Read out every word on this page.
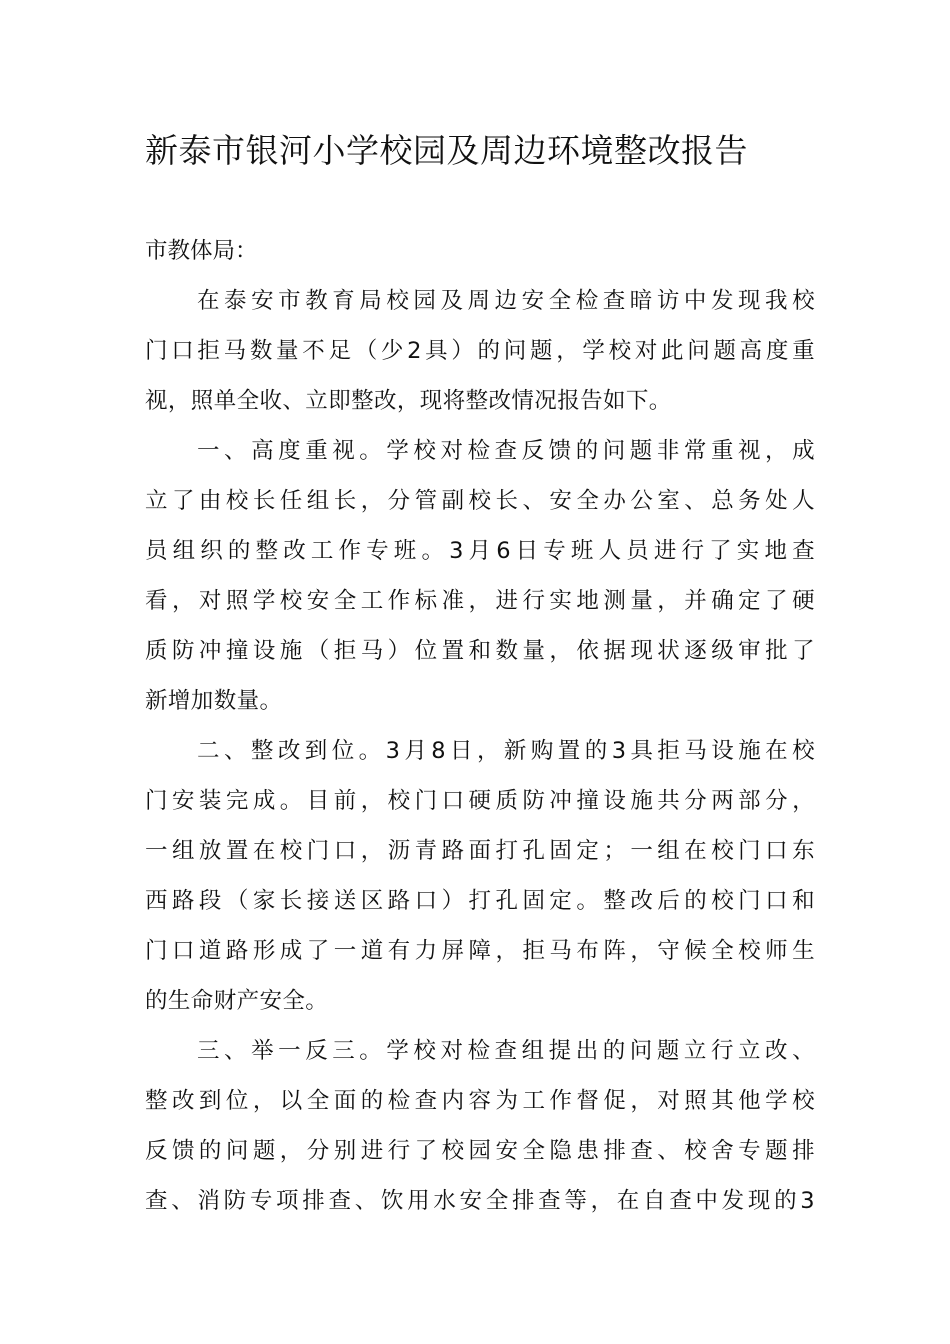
新泰市银河小学校园及周边环境整改报告

市教体局：

在泰安市教育局校园及周边安全检查暗访中发现我校
门口拒马数量不足（少2具）的问题，学校对此问题高度重
视，照单全收、立即整改，现将整改情况报告如下。
一、高度重视。学校对检查反馈的问题非常重视，成
立了由校长任组长，分管副校长、安全办公室、总务处人
员组织的整改工作专班。3月6日专班人员进行了实地查
看，对照学校安全工作标准，进行实地测量，并确定了硬
质防冲撞设施（拒马）位置和数量，依据现状逐级审批了
新增加数量。
二、整改到位。3月8日，新购置的3具拒马设施在校
门安装完成。目前，校门口硬质防冲撞设施共分两部分，
一组放置在校门口，沥青路面打孔固定；一组在校门口东
西路段（家长接送区路口）打孔固定。整改后的校门口和
门口道路形成了一道有力屏障，拒马布阵，守候全校师生
的生命财产安全。
三、举一反三。学校对检查组提出的问题立行立改、
整改到位，以全面的检查内容为工作督促，对照其他学校
反馈的问题，分别进行了校园安全隐患排查、校舍专题排
查、消防专项排查、饮用水安全排查等，在自查中发现的3
